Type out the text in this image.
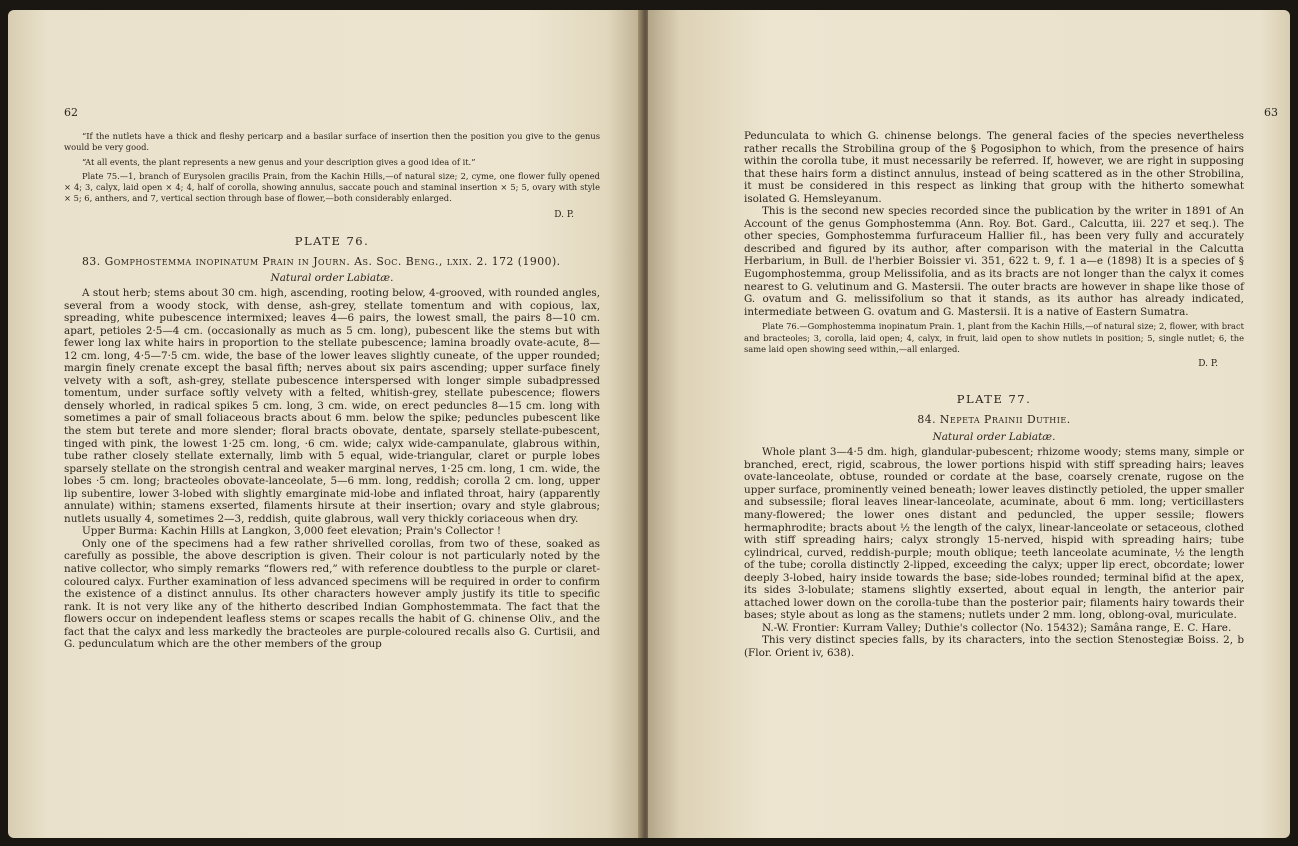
62

“If the nutlets have a thick and fleshy pericarp and a basilar surface of insertion then the position you give to the genus would be very good.

“At all events, the plant represents a new genus and your description gives a good idea of it.”

Plate 75.—1, branch of Eurysolen gracilis Prain, from the Kachin Hills,—of natural size; 2, cyme, one flower fully opened × 4; 3, calyx, laid open × 4; 4, half of corolla, showing annulus, saccate pouch and staminal insertion × 5; 5, ovary with style × 5; 6, anthers, and 7, vertical section through base of flower,—both considerably enlarged.

D. P.

PLATE 76.

83. Gomphostemma inopinatum Prain in Journ. As. Soc. Beng., lxix. 2. 172 (1900).

Natural order Labiatæ.

A stout herb; stems about 30 cm. high, ascending, rooting below, 4-grooved, with rounded angles, several from a woody stock, with dense, ash-grey, stellate tomentum and with copious, lax, spreading, white pubescence intermixed; leaves 4—6 pairs, the lowest small, the pairs 8—10 cm. apart, petioles 2·5—4 cm. (occasionally as much as 5 cm. long), pubescent like the stems but with fewer long lax white hairs in proportion to the stellate pubescence; lamina broadly ovate-acute, 8—12 cm. long, 4·5—7·5 cm. wide, the base of the lower leaves slightly cuneate, of the upper rounded; margin finely crenate except the basal fifth; nerves about six pairs ascending; upper surface finely velvety with a soft, ash-grey, stellate pubescence interspersed with longer simple subadpressed tomentum, under surface softly velvety with a felted, whitish-grey, stellate pubescence; flowers densely whorled, in radical spikes 5 cm. long, 3 cm. wide, on erect peduncles 8—15 cm. long with sometimes a pair of small foliaceous bracts about 6 mm. below the spike; peduncles pubescent like the stem but terete and more slender; floral bracts obovate, dentate, sparsely stellate-pubescent, tinged with pink, the lowest 1·25 cm. long, ·6 cm. wide; calyx wide-campanulate, glabrous within, tube rather closely stellate externally, limb with 5 equal, wide-triangular, claret or purple lobes sparsely stellate on the strongish central and weaker marginal nerves, 1·25 cm. long, 1 cm. wide, the lobes ·5 cm. long; bracteoles obovate-lanceolate, 5—6 mm. long, reddish; corolla 2 cm. long, upper lip subentire, lower 3-lobed with slightly emarginate mid-lobe and inflated throat, hairy (apparently annulate) within; stamens exserted, filaments hirsute at their insertion; ovary and style glabrous; nutlets usually 4, sometimes 2—3, reddish, quite glabrous, wall very thickly coriaceous when dry.

Upper Burma: Kachin Hills at Langkon, 3,000 feet elevation; Prain's Collector !

Only one of the specimens had a few rather shrivelled corollas, from two of these, soaked as carefully as possible, the above description is given. Their colour is not particularly noted by the native collector, who simply remarks “flowers red,” with reference doubtless to the purple or claret-coloured calyx. Further examination of less advanced specimens will be required in order to confirm the existence of a distinct annulus. Its other characters however amply justify its title to specific rank. It is not very like any of the hitherto described Indian Gomphostemmata. The fact that the flowers occur on independent leafless stems or scapes recalls the habit of G. chinense Oliv., and the fact that the calyx and less markedly the bracteoles are purple-coloured recalls also G. Curtisii, and G. pedunculatum which are the other members of the group

63

Pedunculata to which G. chinense belongs. The general facies of the species nevertheless rather recalls the Strobilina group of the § Pogosiphon to which, from the presence of hairs within the corolla tube, it must necessarily be referred. If, however, we are right in supposing that these hairs form a distinct annulus, instead of being scattered as in the other Strobilina, it must be considered in this respect as linking that group with the hitherto somewhat isolated G. Hemsleyanum.

This is the second new species recorded since the publication by the writer in 1891 of An Account of the genus Gomphostemma (Ann. Roy. Bot. Gard., Calcutta, iii. 227 et seq.). The other species, Gomphostemma furfuraceum Hallier fil., has been very fully and accurately described and figured by its author, after comparison with the material in the Calcutta Herbarium, in Bull. de l'herbier Boissier vi. 351, 622 t. 9, f. 1 a—e (1898) It is a species of § Eugomphostemma, group Melissifolia, and as its bracts are not longer than the calyx it comes nearest to G. velutinum and G. Mastersii. The outer bracts are however in shape like those of G. ovatum and G. melissifolium so that it stands, as its author has already indicated, intermediate between G. ovatum and G. Mastersii. It is a native of Eastern Sumatra.

Plate 76.—Gomphostemma inopinatum Prain. 1, plant from the Kachin Hills,—of natural size; 2, flower, with bract and bracteoles; 3, corolla, laid open; 4, calyx, in fruit, laid open to show nutlets in position; 5, single nutlet; 6, the same laid open showing seed within,—all enlarged.

D. P.

PLATE 77.

84. Nepeta Prainii Duthie.

Natural order Labiatæ.

Whole plant 3—4·5 dm. high, glandular-pubescent; rhizome woody; stems many, simple or branched, erect, rigid, scabrous, the lower portions hispid with stiff spreading hairs; leaves ovate-lanceolate, obtuse, rounded or cordate at the base, coarsely crenate, rugose on the upper surface, prominently veined beneath; lower leaves distinctly petioled, the upper smaller and subsessile; floral leaves linear-lanceolate, acuminate, about 6 mm. long; verticillasters many-flowered; the lower ones distant and peduncled, the upper sessile; flowers hermaphrodite; bracts about ½ the length of the calyx, linear-lanceolate or setaceous, clothed with stiff spreading hairs; calyx strongly 15-nerved, hispid with spreading hairs; tube cylindrical, curved, reddish-purple; mouth oblique; teeth lanceolate acuminate, ½ the length of the tube; corolla distinctly 2-lipped, exceeding the calyx; upper lip erect, obcordate; lower deeply 3-lobed, hairy inside towards the base; side-lobes rounded; terminal bifid at the apex, its sides 3-lobulate; stamens slightly exserted, about equal in length, the anterior pair attached lower down on the corolla-tube than the posterior pair; filaments hairy towards their bases; style about as long as the stamens; nutlets under 2 mm. long, oblong-oval, muriculate.

N.-W. Frontier: Kurram Valley; Duthie's collector (No. 15432); Samâna range, E. C. Hare.

This very distinct species falls, by its characters, into the section Stenostegiæ Boiss. 2, b (Flor. Orient iv, 638).
